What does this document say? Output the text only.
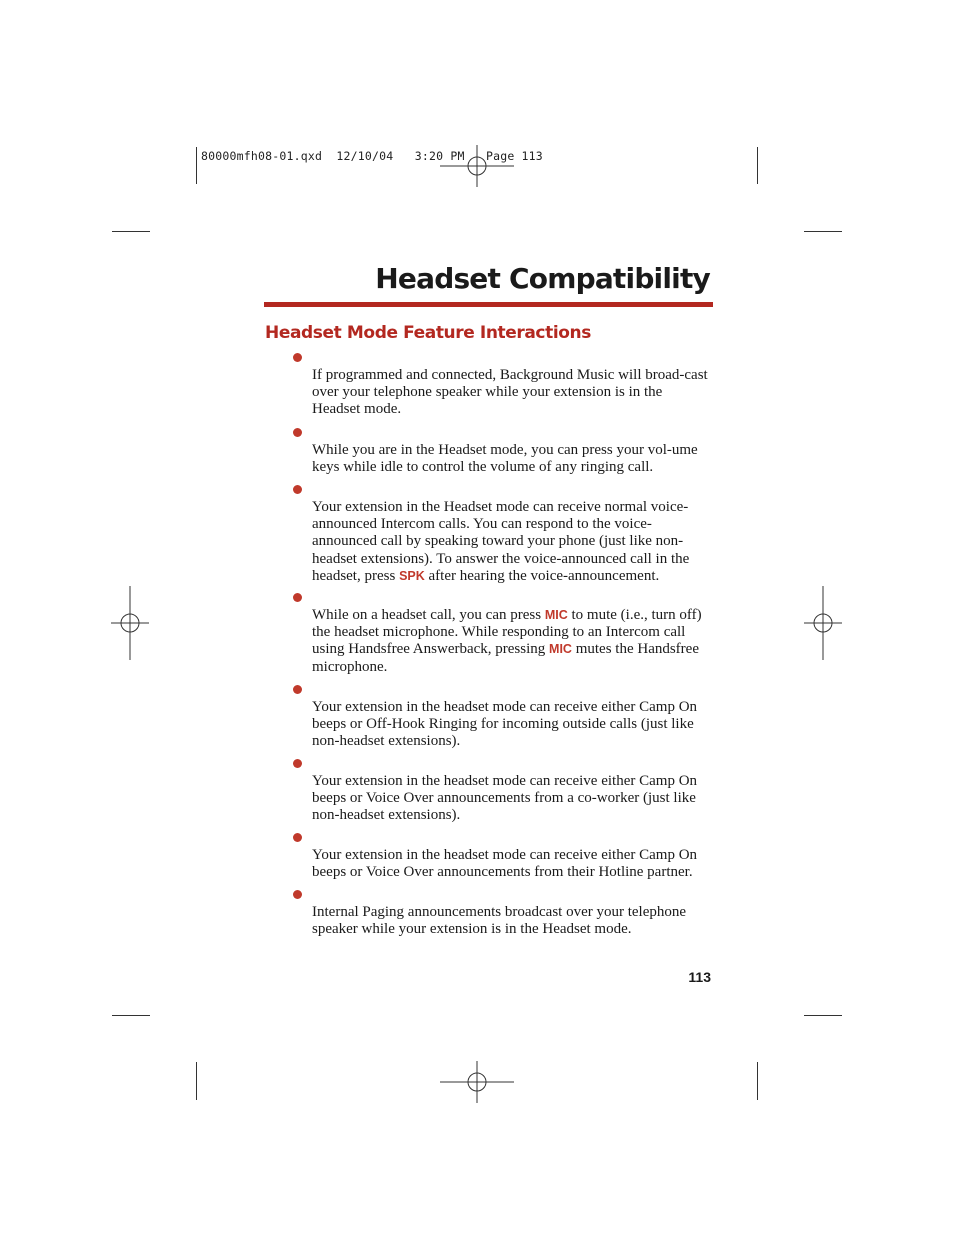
80000mfh08-01.qxd  12/10/04   3:20 PM   Page 113
Headset Compatibility
Headset Mode Feature Interactions
If programmed and connected, Background Music will broad-cast over your telephone speaker while your extension is in the Headset mode.
While you are in the Headset mode, you can press your vol-ume keys while idle to control the volume of any ringing call.
Your extension in the Headset mode can receive normal voice-announced Intercom calls. You can respond to the voice-announced call by speaking toward your phone (just like non-headset extensions). To answer the voice-announced call in the headset, press SPK after hearing the voice-announcement.
While on a headset call, you can press MIC to mute (i.e., turn off) the headset microphone. While responding to an Intercom call using Handsfree Answerback, pressing MIC mutes the Handsfree microphone.
Your extension in the headset mode can receive either Camp On beeps or Off-Hook Ringing for incoming outside calls (just like non-headset extensions).
Your extension in the headset mode can receive either Camp On beeps or Voice Over announcements from a co-worker (just like non-headset extensions).
Your extension in the headset mode can receive either Camp On beeps or Voice Over announcements from their Hotline partner.
Internal Paging announcements broadcast over your telephone speaker while your extension is in the Headset mode.
113
